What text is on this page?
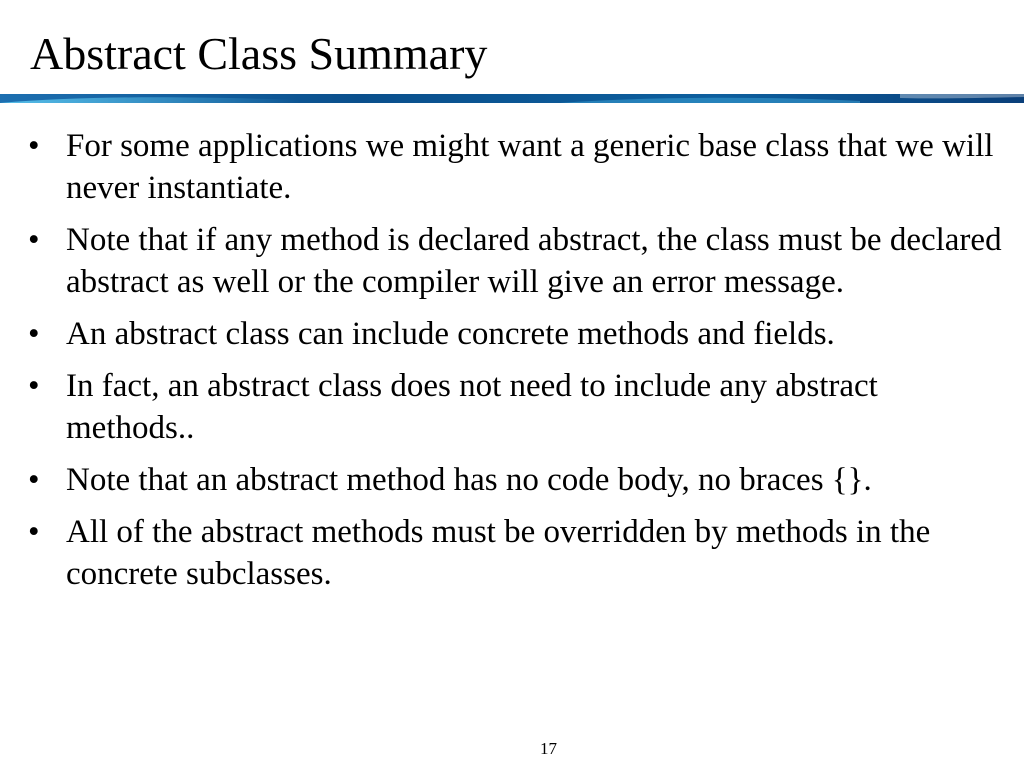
Abstract Class Summary
• For some applications we might want a generic base class that we will never instantiate.
• Note that if any method is declared abstract, the class must be declared abstract as well or the compiler will give an error message.
• An abstract class can include concrete methods and fields.
• In fact, an abstract class does not need to include any abstract methods..
• Note that an abstract method has no code body, no braces {}.
• All of the abstract methods must be overridden by methods in the concrete subclasses.
17
